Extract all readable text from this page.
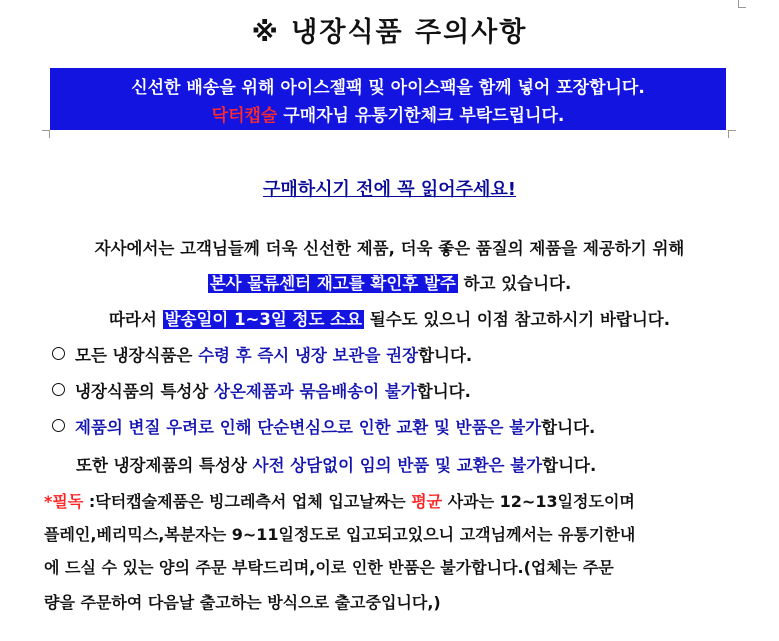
※ 냉장식품 주의사항
신선한 배송을 위해 아이스젤팩 및 아이스팩을 함께 넣어 포장합니다.
닥터캡술 구매자님 유통기한체크 부탁드립니다.
구매하시기 전에 꼭 읽어주세요!
자사에서는 고객님들께 더욱 신선한 제품, 더욱 좋은 품질의 제품을 제공하기 위해
본사 물류센터 재고를 확인후 발주 하고 있습니다.
따라서 발송일이 1~3일 정도 소요 될수도 있으니 이점 참고하시기 바랍니다.
모든 냉장식품은 수령 후 즉시 냉장 보관을 권장합니다.
냉장식품의 특성상 상온제품과 묶음배송이 불가합니다.
제품의 변질 우려로 인해 단순변심으로 인한 교환 및 반품은 불가합니다.
또한 냉장제품의 특성상 사전 상담없이 임의 반품 및 교환은 불가합니다.
*필독 :닥터캡술제품은 빙그레측서 업체 입고날짜는 평균 사과는 12~13일정도이며
플레인,베리믹스,복분자는 9~11일정도로 입고되고있으니 고객님께서는 유통기한내
에 드실 수 있는 양의 주문 부탁드리며,이로 인한 반품은 불가합니다.(업체는 주문
량을 주문하여 다음날 출고하는 방식으로 출고중입니다,)
